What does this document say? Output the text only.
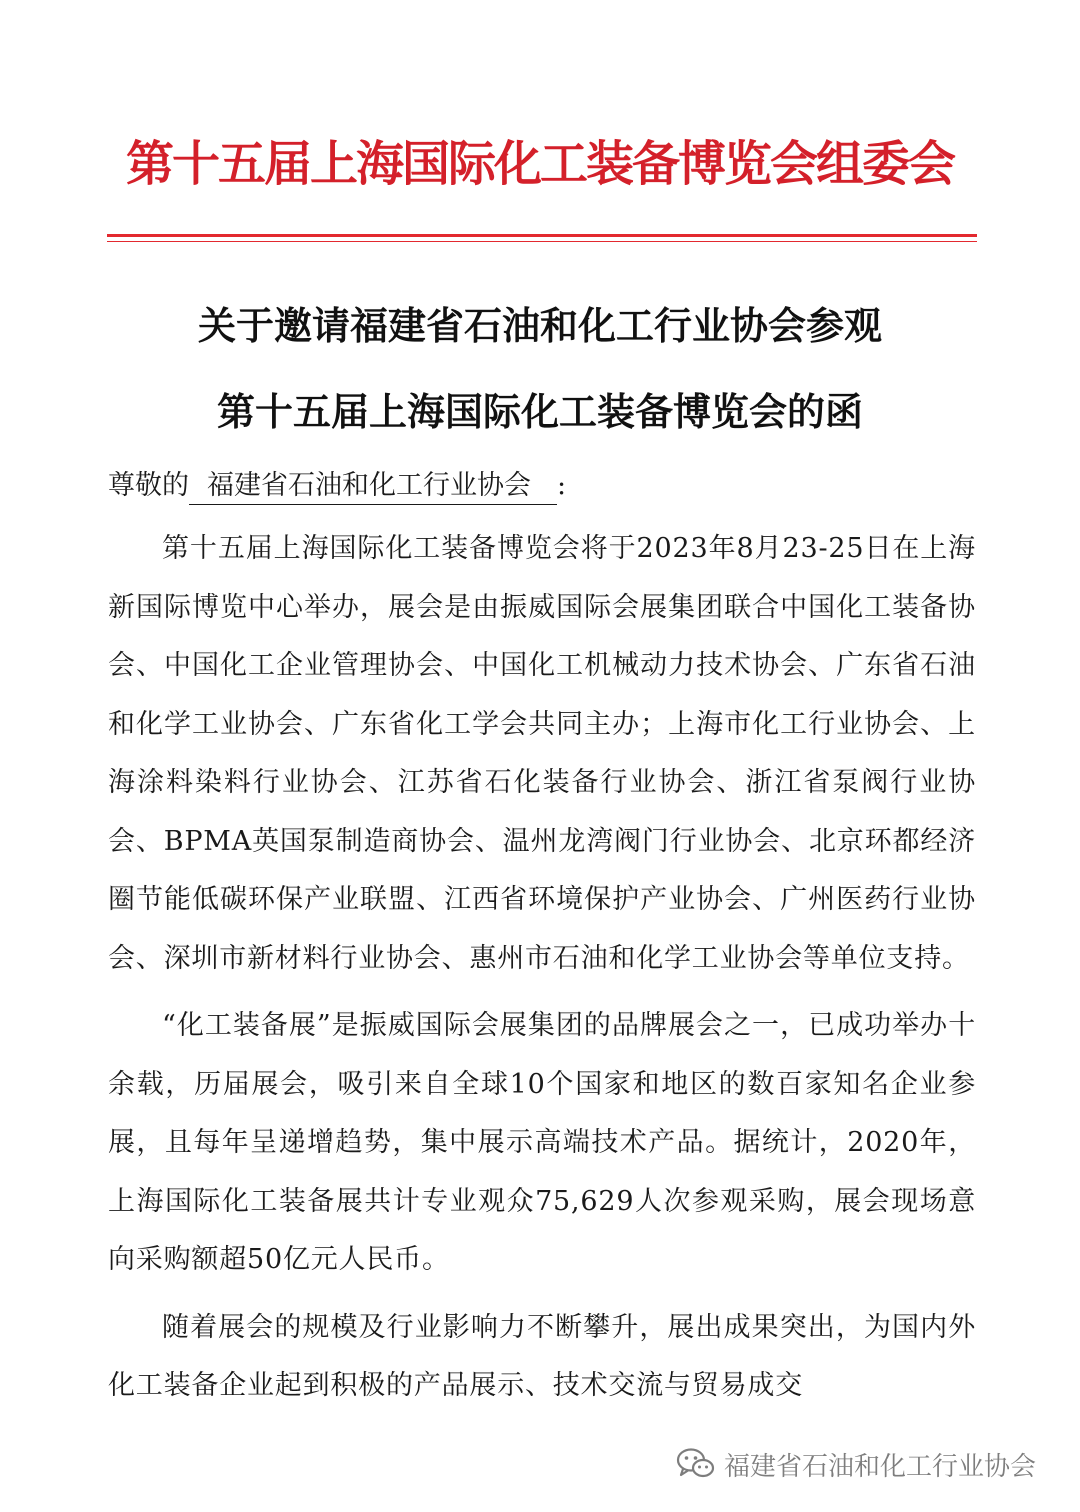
第十五届上海国际化工装备博览会组委会
关于邀请福建省石油和化工行业协会参观
第十五届上海国际化工装备博览会的函
尊敬的 福建省石油和化工行业协会 :

第十五届上海国际化工装备博览会将于2023年8月23-25日在上海新国际博览中心举办，展会是由振威国际会展集团联合中国化工装备协会、中国化工企业管理协会、中国化工机械动力技术协会、广东省石油和化学工业协会、广东省化工学会共同主办；上海市化工行业协会、上海涂料染料行业协会、江苏省石化装备行业协会、浙江省泵阀行业协会、BPMA英国泵制造商协会、温州龙湾阀门行业协会、北京环都经济圈节能低碳环保产业联盟、江西省环境保护产业协会、广州医药行业协会、深圳市新材料行业协会、惠州市石油和化学工业协会等单位支持。

“化工装备展”是振威国际会展集团的品牌展会之一，已成功举办十余载，历届展会，吸引来自全球10个国家和地区的数百家知名企业参展，且每年呈递增趋势，集中展示高端技术产品。据统计，2020年，上海国际化工装备展共计专业观众75,629人次参观采购，展会现场意向采购额超50亿元人民币。

随着展会的规模及行业影响力不断攀升，展出成果突出，为国内外化工装备企业起到积极的产品展示、技术交流与贸易成交

福建省石油和化工行业协会
